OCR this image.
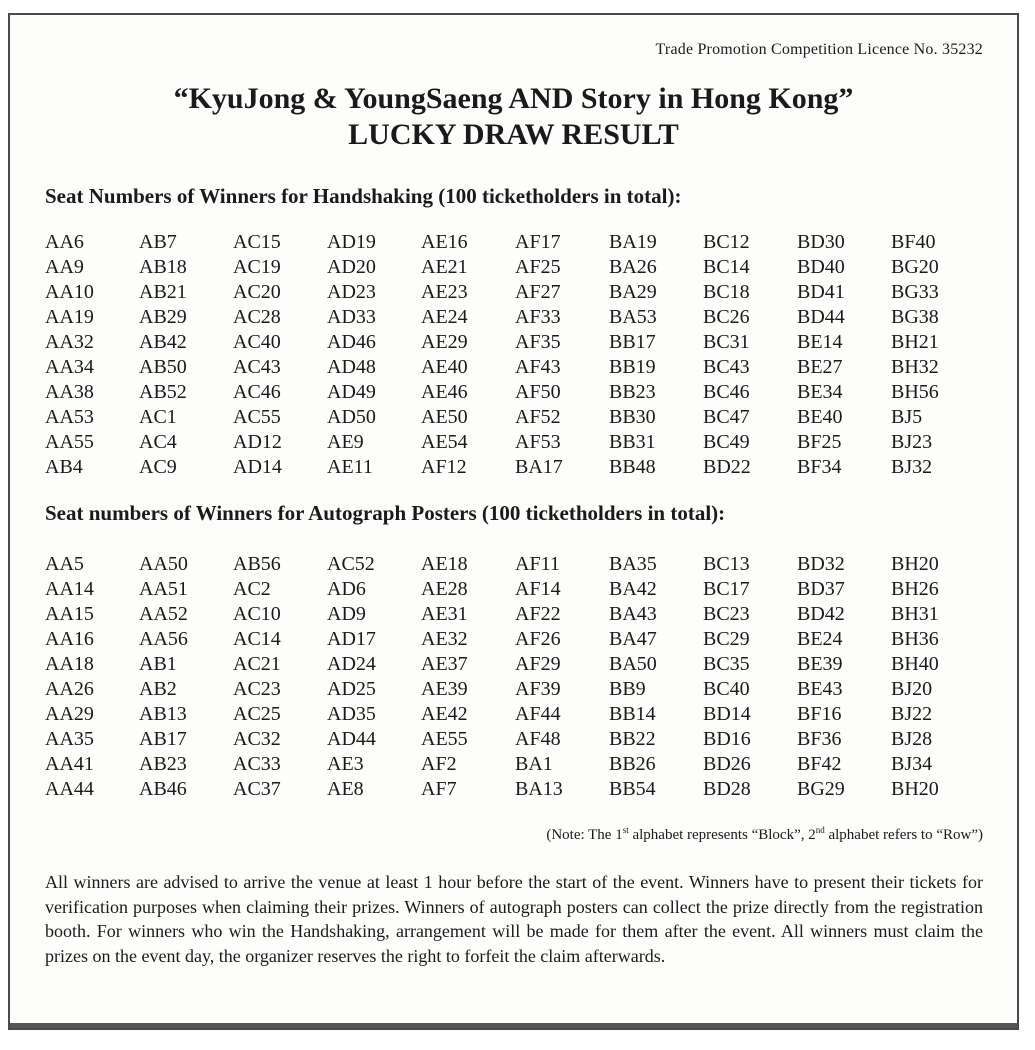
Trade Promotion Competition Licence No. 35232
“KyuJong & YoungSaeng AND Story in Hong Kong”
LUCKY DRAW RESULT
Seat Numbers of Winners for Handshaking (100 ticketholders in total):
AA6	AB7	AC15	AD19	AE16	AF17	BA19	BC12	BD30	BF40
AA9	AB18	AC19	AD20	AE21	AF25	BA26	BC14	BD40	BG20
AA10	AB21	AC20	AD23	AE23	AF27	BA29	BC18	BD41	BG33
AA19	AB29	AC28	AD33	AE24	AF33	BA53	BC26	BD44	BG38
AA32	AB42	AC40	AD46	AE29	AF35	BB17	BC31	BE14	BH21
AA34	AB50	AC43	AD48	AE40	AF43	BB19	BC43	BE27	BH32
AA38	AB52	AC46	AD49	AE46	AF50	BB23	BC46	BE34	BH56
AA53	AC1	AC55	AD50	AE50	AF52	BB30	BC47	BE40	BJ5
AA55	AC4	AD12	AE9	AE54	AF53	BB31	BC49	BF25	BJ23
AB4	AC9	AD14	AE11	AF12	BA17	BB48	BD22	BF34	BJ32
Seat numbers of Winners for Autograph Posters (100 ticketholders in total):
AA5	AA50	AB56	AC52	AE18	AF11	BA35	BC13	BD32	BH20
AA14	AA51	AC2	AD6	AE28	AF14	BA42	BC17	BD37	BH26
AA15	AA52	AC10	AD9	AE31	AF22	BA43	BC23	BD42	BH31
AA16	AA56	AC14	AD17	AE32	AF26	BA47	BC29	BE24	BH36
AA18	AB1	AC21	AD24	AE37	AF29	BA50	BC35	BE39	BH40
AA26	AB2	AC23	AD25	AE39	AF39	BB9	BC40	BE43	BJ20
AA29	AB13	AC25	AD35	AE42	AF44	BB14	BD14	BF16	BJ22
AA35	AB17	AC32	AD44	AE55	AF48	BB22	BD16	BF36	BJ28
AA41	AB23	AC33	AE3	AF2	BA1	BB26	BD26	BF42	BJ34
AA44	AB46	AC37	AE8	AF7	BA13	BB54	BD28	BG29	BH20
(Note: The 1st alphabet represents “Block”, 2nd alphabet refers to “Row”)
All winners are advised to arrive the venue at least 1 hour before the start of the event. Winners have to present their tickets for verification purposes when claiming their prizes. Winners of autograph posters can collect the prize directly from the registration booth. For winners who win the Handshaking, arrangement will be made for them after the event. All winners must claim the prizes on the event day, the organizer reserves the right to forfeit the claim afterwards.
